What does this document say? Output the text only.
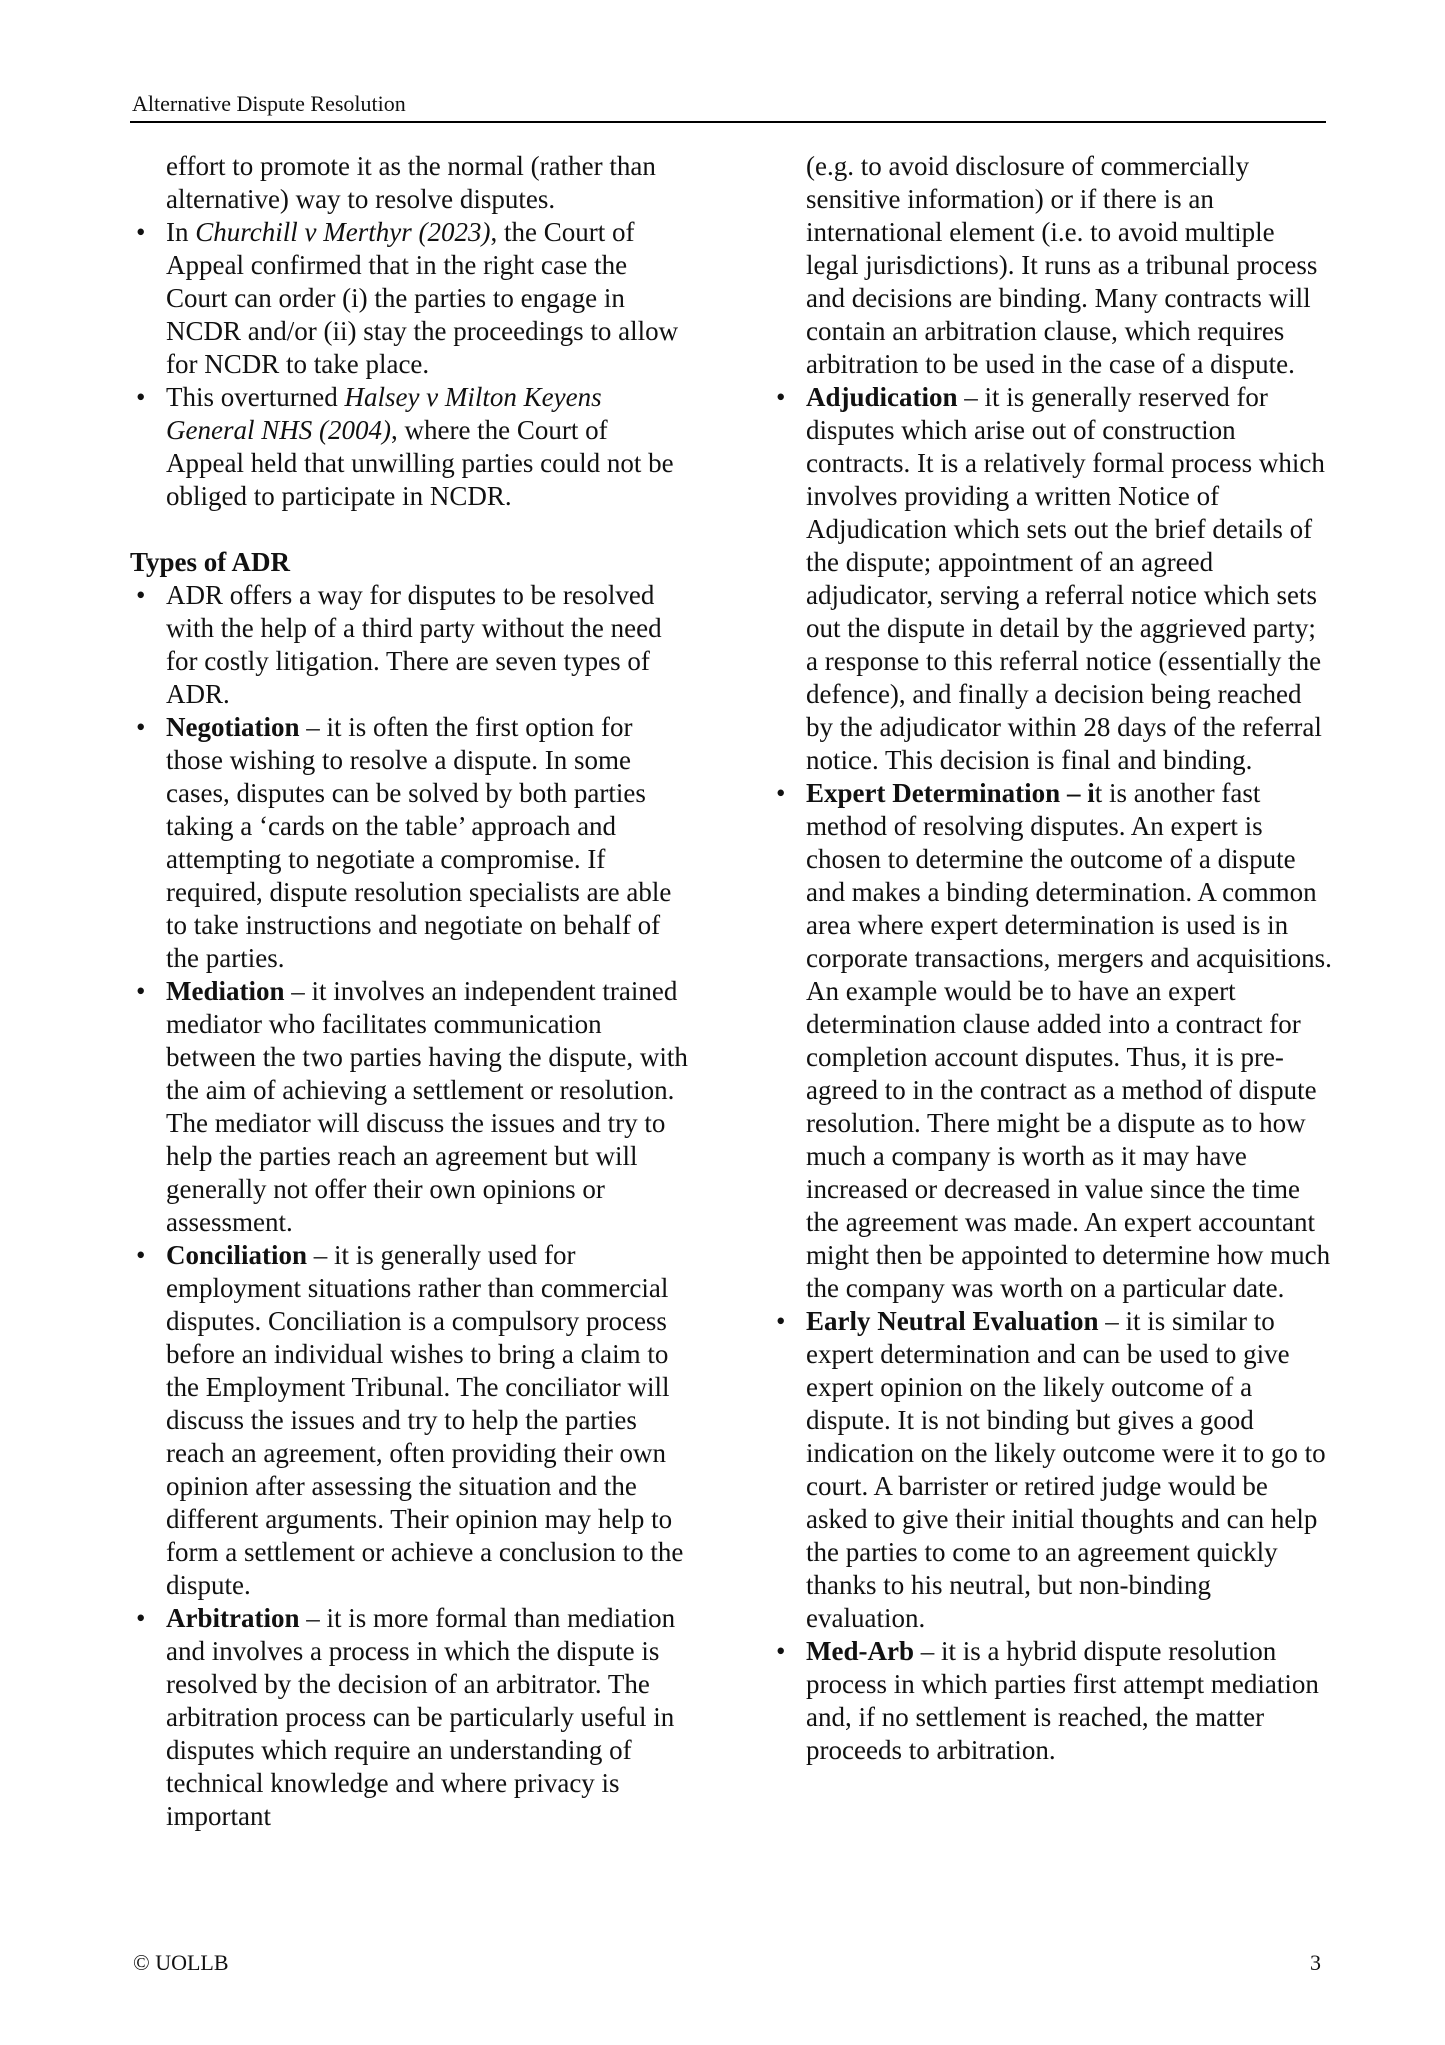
Alternative Dispute Resolution

effort to promote it as the normal (rather than alternative) way to resolve disputes.

• In Churchill v Merthyr (2023), the Court of Appeal confirmed that in the right case the Court can order (i) the parties to engage in NCDR and/or (ii) stay the proceedings to allow for NCDR to take place.
• This overturned Halsey v Milton Keyens General NHS (2004), where the Court of Appeal held that unwilling parties could not be obliged to participate in NCDR.
Types of ADR
• ADR offers a way for disputes to be resolved with the help of a third party without the need for costly litigation. There are seven types of ADR.
• Negotiation – it is often the first option for those wishing to resolve a dispute. In some cases, disputes can be solved by both parties taking a ‘cards on the table’ approach and attempting to negotiate a compromise. If required, dispute resolution specialists are able to take instructions and negotiate on behalf of the parties.
• Mediation – it involves an independent trained mediator who facilitates communication between the two parties having the dispute, with the aim of achieving a settlement or resolution. The mediator will discuss the issues and try to help the parties reach an agreement but will generally not offer their own opinions or assessment.
• Conciliation – it is generally used for employment situations rather than commercial disputes. Conciliation is a compulsory process before an individual wishes to bring a claim to the Employment Tribunal. The conciliator will discuss the issues and try to help the parties reach an agreement, often providing their own opinion after assessing the situation and the different arguments. Their opinion may help to form a settlement or achieve a conclusion to the dispute.
• Arbitration – it is more formal than mediation and involves a process in which the dispute is resolved by the decision of an arbitrator. The arbitration process can be particularly useful in disputes which require an understanding of technical knowledge and where privacy is important

(e.g. to avoid disclosure of commercially sensitive information) or if there is an international element (i.e. to avoid multiple legal jurisdictions). It runs as a tribunal process and decisions are binding. Many contracts will contain an arbitration clause, which requires arbitration to be used in the case of a dispute.

• Adjudication – it is generally reserved for disputes which arise out of construction contracts. It is a relatively formal process which involves providing a written Notice of Adjudication which sets out the brief details of the dispute; appointment of an agreed adjudicator, serving a referral notice which sets out the dispute in detail by the aggrieved party; a response to this referral notice (essentially the defence), and finally a decision being reached by the adjudicator within 28 days of the referral notice. This decision is final and binding.
• Expert Determination – it is another fast method of resolving disputes. An expert is chosen to determine the outcome of a dispute and makes a binding determination. A common area where expert determination is used is in corporate transactions, mergers and acquisitions. An example would be to have an expert determination clause added into a contract for completion account disputes. Thus, it is pre-agreed to in the contract as a method of dispute resolution. There might be a dispute as to how much a company is worth as it may have increased or decreased in value since the time the agreement was made. An expert accountant might then be appointed to determine how much the company was worth on a particular date.
• Early Neutral Evaluation – it is similar to expert determination and can be used to give expert opinion on the likely outcome of a dispute. It is not binding but gives a good indication on the likely outcome were it to go to court. A barrister or retired judge would be asked to give their initial thoughts and can help the parties to come to an agreement quickly thanks to his neutral, but non-binding evaluation.
• Med-Arb – it is a hybrid dispute resolution process in which parties first attempt mediation and, if no settlement is reached, the matter proceeds to arbitration.
© UOLLB	3
